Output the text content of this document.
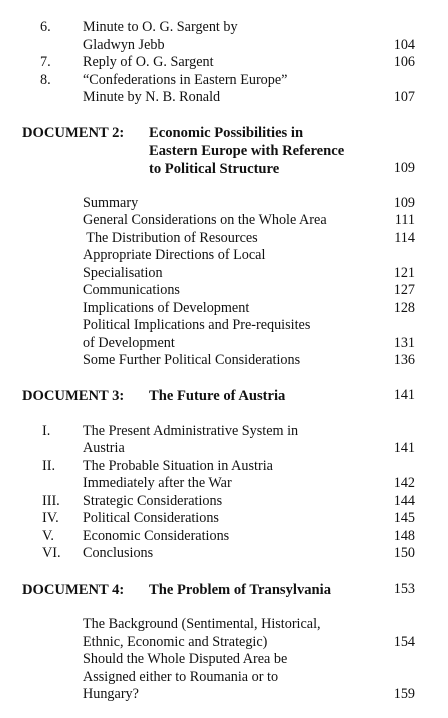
6. Minute to O. G. Sargent by
Gladwyn Jebb	104
7. Reply of O. G. Sargent	106
8. “Confederations in Eastern Europe”
Minute by N. B. Ronald	107
DOCUMENT 2: Economic Possibilities in
Eastern Europe with Reference
to Political Structure	109
Summary	109
General Considerations on the Whole Area	111
The Distribution of Resources	114
Appropriate Directions of Local
Specialisation	121
Communications	127
Implications of Development	128
Political Implications and Pre-requisites
of Development	131
Some Further Political Considerations	136
DOCUMENT 3: The Future of Austria	141
I. The Present Administrative System in
Austria	141
II. The Probable Situation in Austria
Immediately after the War	142
III. Strategic Considerations	144
IV. Political Considerations	145
V. Economic Considerations	148
VI. Conclusions	150
DOCUMENT 4: The Problem of Transylvania	153
The Background (Sentimental, Historical,
Ethnic, Economic and Strategic)	154
Should the Whole Disputed Area be
Assigned either to Roumania or to
Hungary?	159
